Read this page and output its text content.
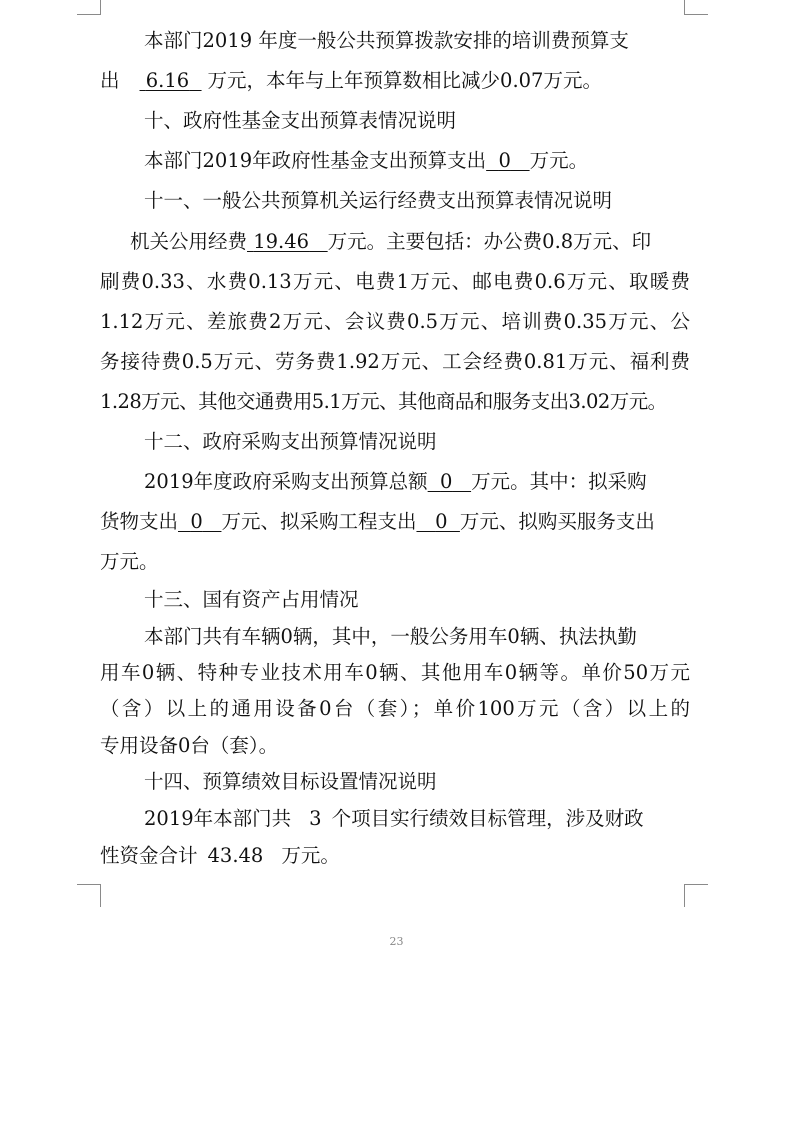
本部门2019 年度一般公共预算拨款安排的培训费预算支
出 6.16 万元，本年与上年预算数相比减少0.07万元。
十、政府性基金支出预算表情况说明
本部门2019年政府性基金支出预算支出 0 万元。
十一、一般公共预算机关运行经费支出预算表情况说明
机关公用经费 19.46 万元。主要包括：办公费0.8万元、印
刷费0.33、水费0.13万元、电费1万元、邮电费0.6万元、取暖费
1.12万元、差旅费2万元、会议费0.5万元、培训费0.35万元、公
务接待费0.5万元、劳务费1.92万元、工会经费0.81万元、福利费
1.28万元、其他交通费用5.1万元、其他商品和服务支出3.02万元。
十二、政府采购支出预算情况说明
2019年度政府采购支出预算总额 0 万元。其中：拟采购
货物支出 0 万元、拟采购工程支出 0 万元、拟购买服务支出
万元。
十三、国有资产占用情况
本部门共有车辆0辆，其中，一般公务用车0辆、执法执勤
用车0辆、特种专业技术用车0辆、其他用车0辆等。单价50万元
（含）以上的通用设备0台（套）；单价100万元（含）以上的
专用设备0台（套）。
十四、预算绩效目标设置情况说明
2019年本部门共 3 个项目实行绩效目标管理，涉及财政
性资金合计 43.48 万元。
23
